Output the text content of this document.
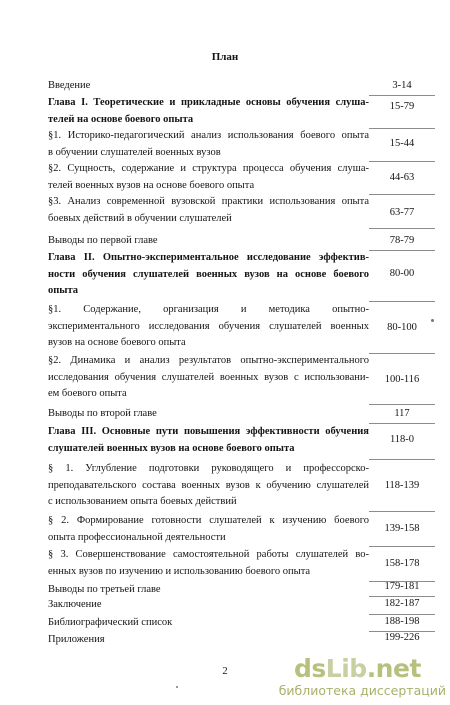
План
Введение	3-14
Глава I. Теоретические и прикладные основы обучения слуша-
телей на основе боевого опыта
15-79
§1. Историко-педагогический анализ использования боевого опыта
в обучении слушателей военных вузов
15-44
§2. Сущность, содержание и структура процесса обучения слуша-
телей военных вузов на основе боевого опыта
44-63
§3. Анализ современной вузовской практики использования опыта
боевых действий в обучении слушателей
63-77
Выводы по первой главе	78-79
Глава II. Опытно-экспериментальное исследование эффектив-
ности обучения слушателей военных вузов на основе боевого
опыта
80-00
§1. Содержание, организация и методика опытно-
экспериментального исследования обучения слушателей военных
вузов на основе боевого опыта
80-100
§2. Динамика и анализ результатов опытно-экспериментального
исследования обучения слушателей военных вузов с использовани-
ем боевого опыта
100-116
Выводы по второй главе	117
Глава III. Основные пути повышения эффективности обучения
слушателей военных вузов на основе боевого опыта
118-0
§ 1. Углубление подготовки руководящего и профессорско-
преподавательского состава военных вузов к обучению слушателей
с использованием опыта боевых действий
118-139
§ 2. Формирование готовности слушателей к изучению боевого
опыта профессиональной деятельности
139-158
§ 3. Совершенствование самостоятельной работы слушателей во-
енных вузов по изучению и использованию боевого опыта
158-178
Выводы по третьей главе	179-181
Заключение	182-187
Библиографический список	188-198
Приложения	199-226
2	dsLib.net
библиотека диссертаций
